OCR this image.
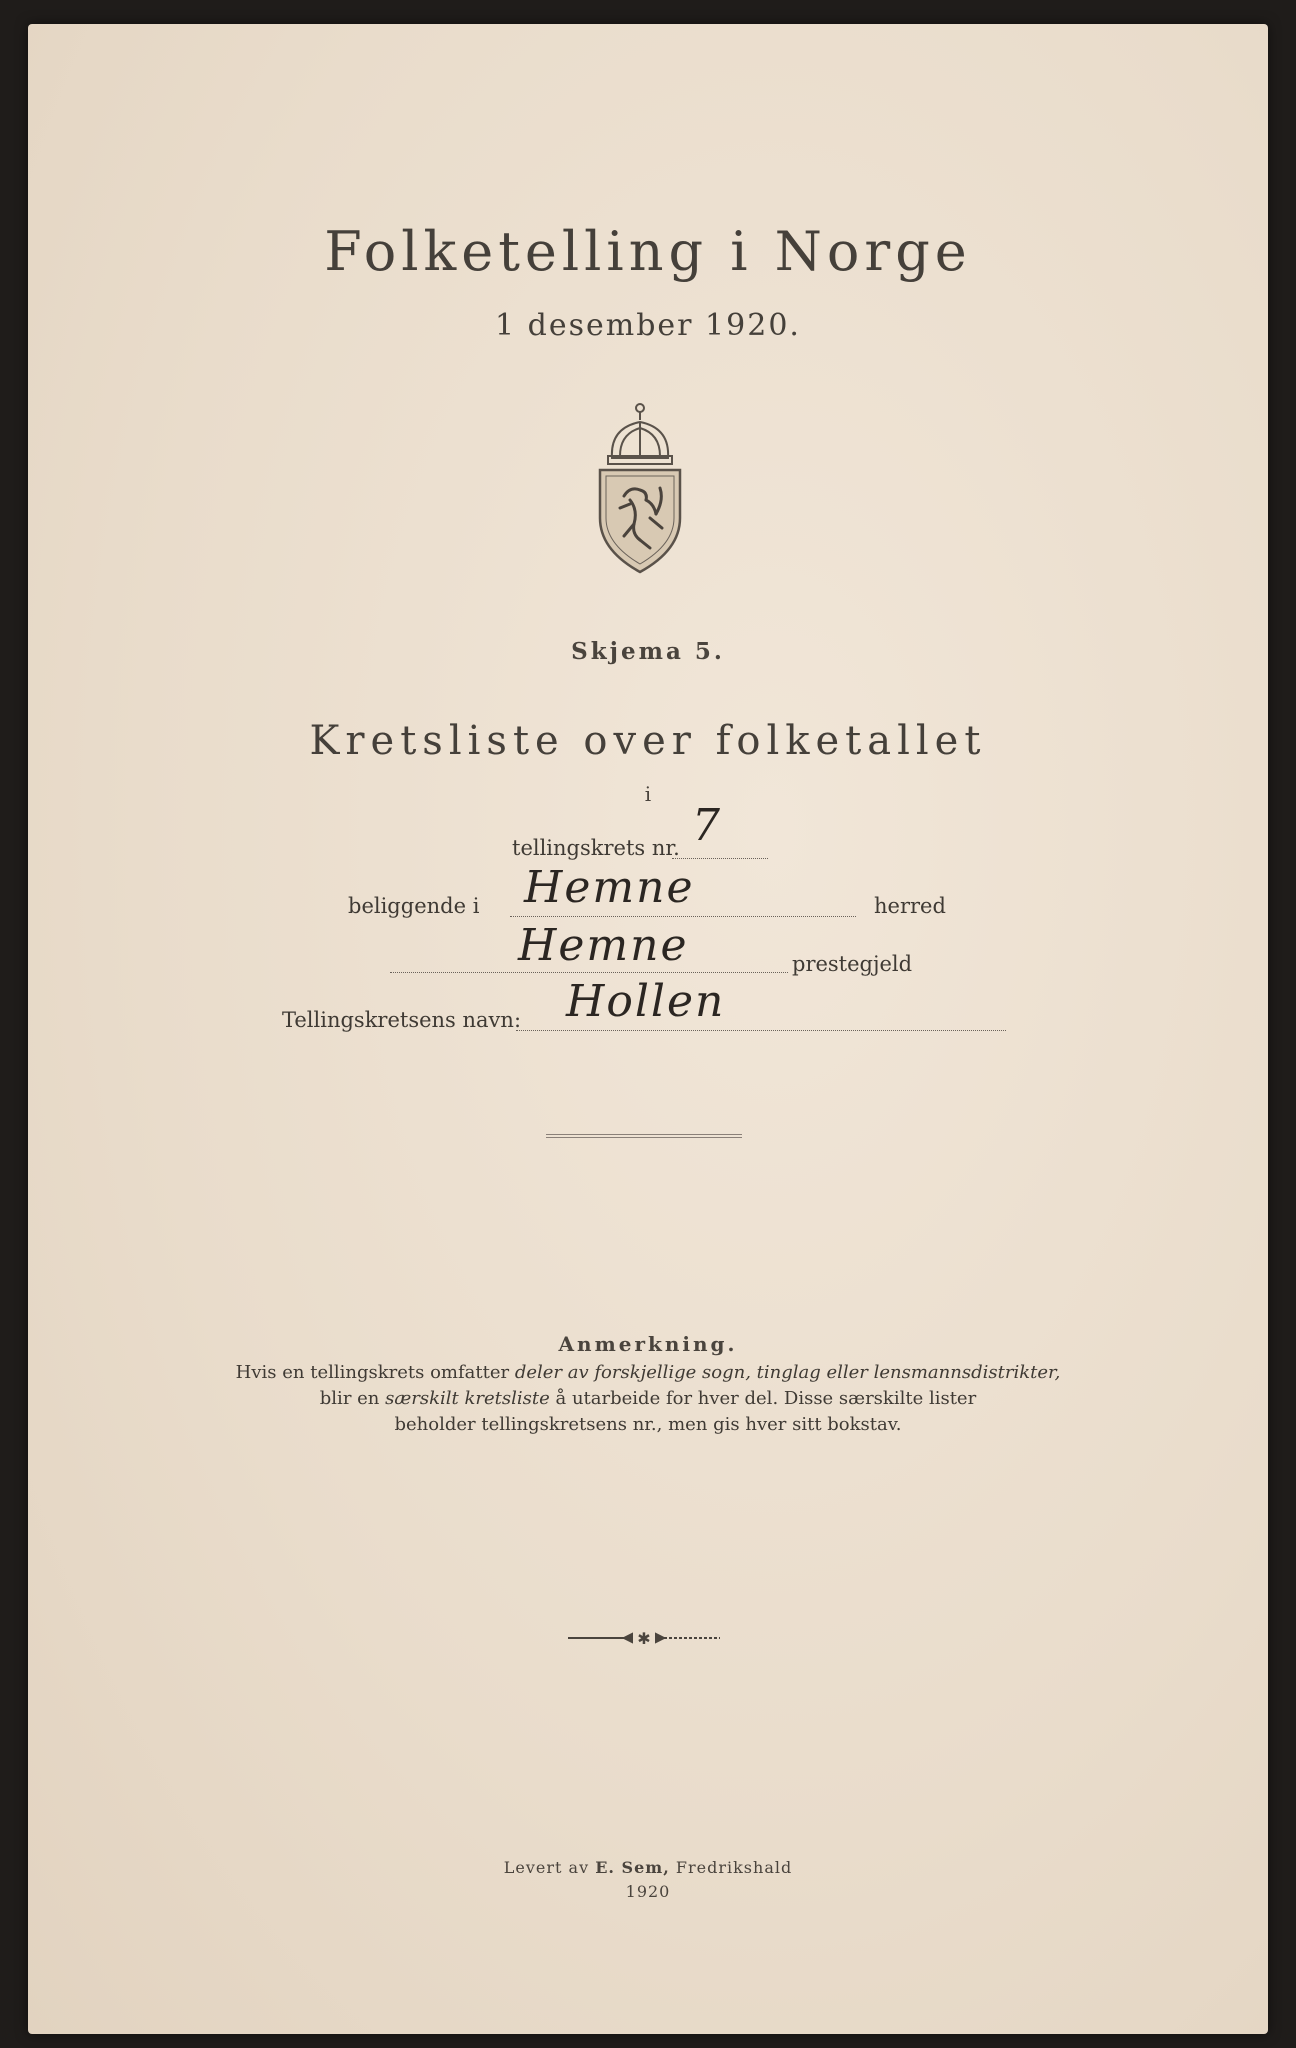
Folketelling i Norge
1 desember 1920.
Skjema 5.
Kretsliste over folketallet
i
tellingskrets nr. 7
beliggende i Hemne	herred
Hemne	prestegjeld
Tellingskretsens navn: Hollen
Anmerkning.
Hvis en tellingskrets omfatter deler av forskjellige sogn, tinglag eller lensmannsdistrikter,
blir en særskilt kretsliste å utarbeide for hver del. Disse særskilte lister
beholder tellingskretsens nr., men gis hver sitt bokstav.
✱
Levert av E. Sem, Fredrikshald
1920
